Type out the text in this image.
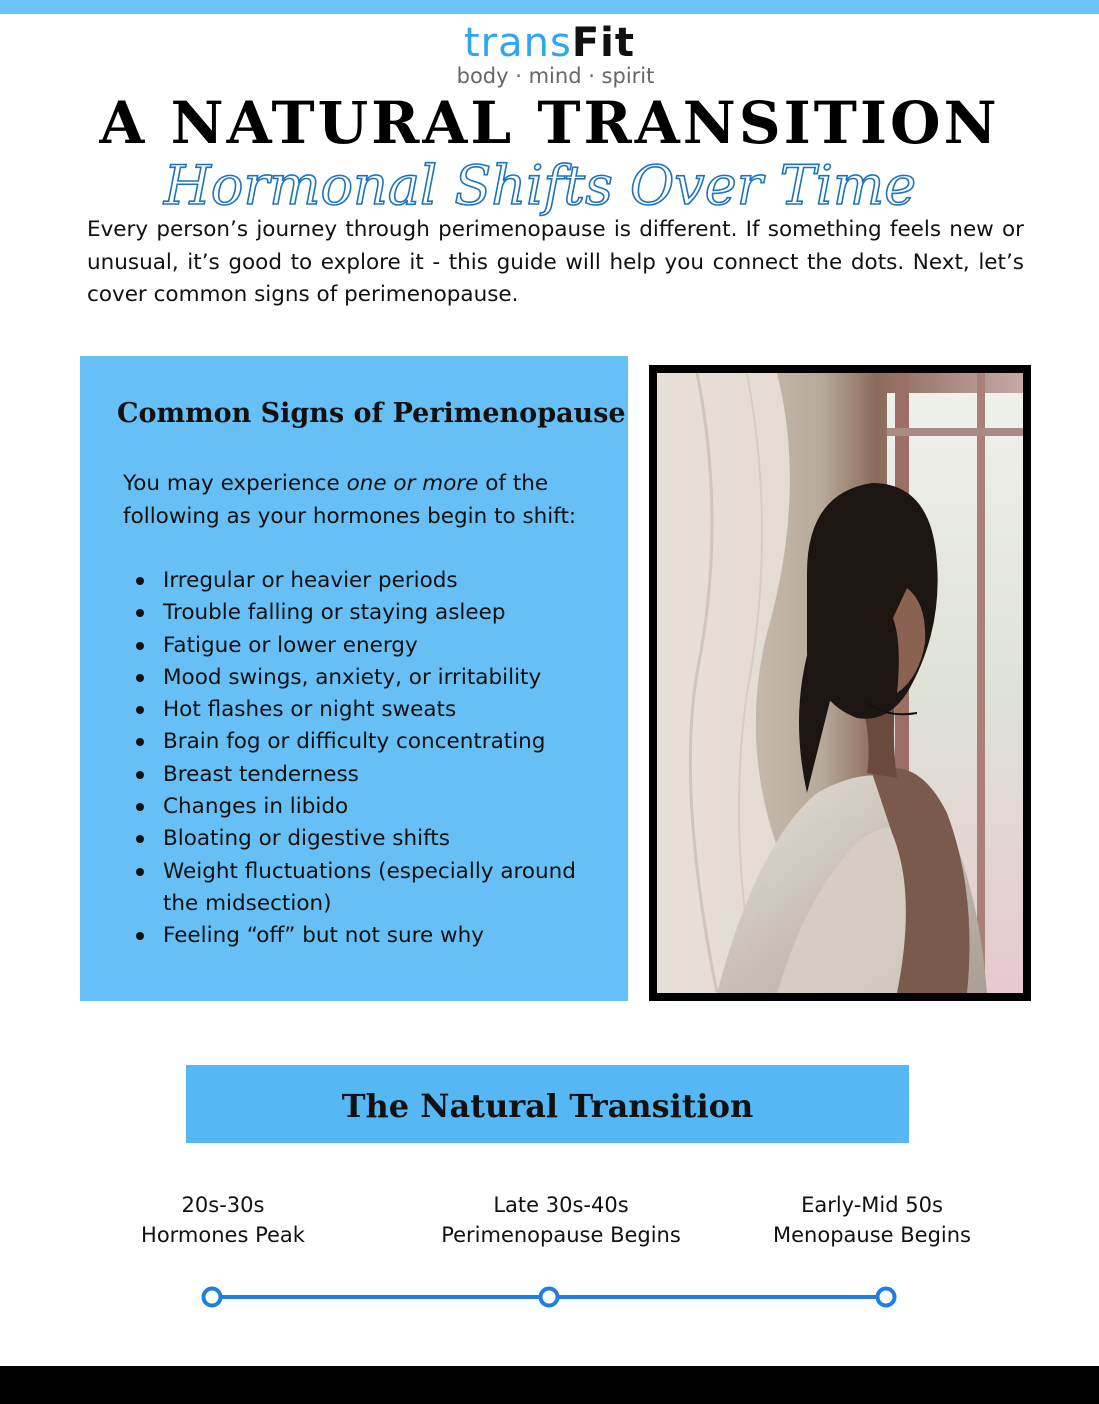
transFit
body · mind · spirit
A NATURAL TRANSITION
Hormonal Shifts Over Time

Every person’s journey through perimenopause is different. If something feels new or unusual, it’s good to explore it - this guide will help you connect the dots. Next, let’s cover common signs of perimenopause.

Common Signs of Perimenopause

You may experience one or more of the following as your hormones begin to shift:

Irregular or heavier periods
Trouble falling or staying asleep
Fatigue or lower energy
Mood swings, anxiety, or irritability
Hot flashes or night sweats
Brain fog or difficulty concentrating
Breast tenderness
Changes in libido
Bloating or digestive shifts
Weight fluctuations (especially around the midsection)
Feeling “off” but not sure why
The Natural Transition
20s-30s
Hormones Peak
Late 30s-40s
Perimenopause Begins
Early-Mid 50s
Menopause Begins
